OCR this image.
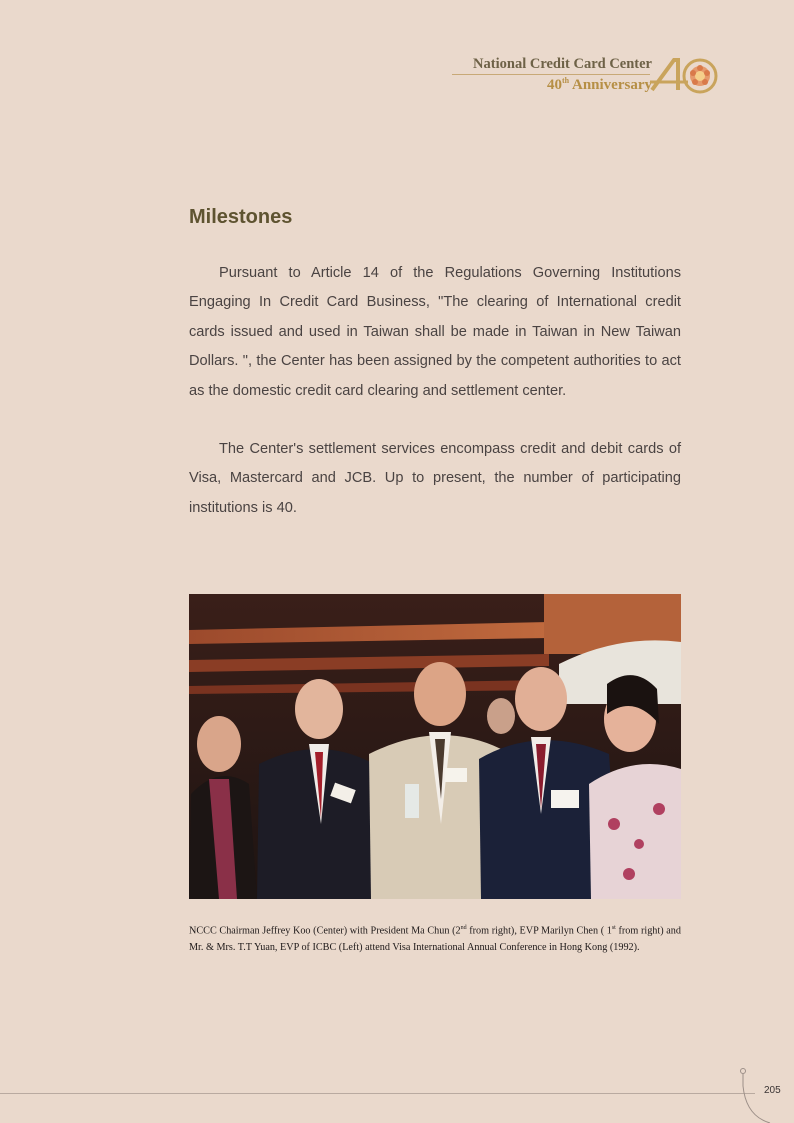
National Credit Card Center
40th Anniversary
Milestones

Pursuant to Article 14 of the Regulations Governing Institutions Engaging In Credit Card Business, "The clearing of International credit cards issued and used in Taiwan shall be made in Taiwan in New Taiwan Dollars. ", the Center has been assigned by the competent authorities to act as the domestic credit card clearing and settlement center.

The Center's settlement services encompass credit and debit cards of Visa, Mastercard and JCB. Up to present, the number of participating institutions is 40.

NCCC Chairman Jeffrey Koo (Center) with President Ma Chun (2nd from right), EVP Marilyn Chen ( 1st from right) and Mr. & Mrs. T.T Yuan, EVP of ICBC (Left) attend Visa International Annual Conference in Hong Kong (1992).

205
